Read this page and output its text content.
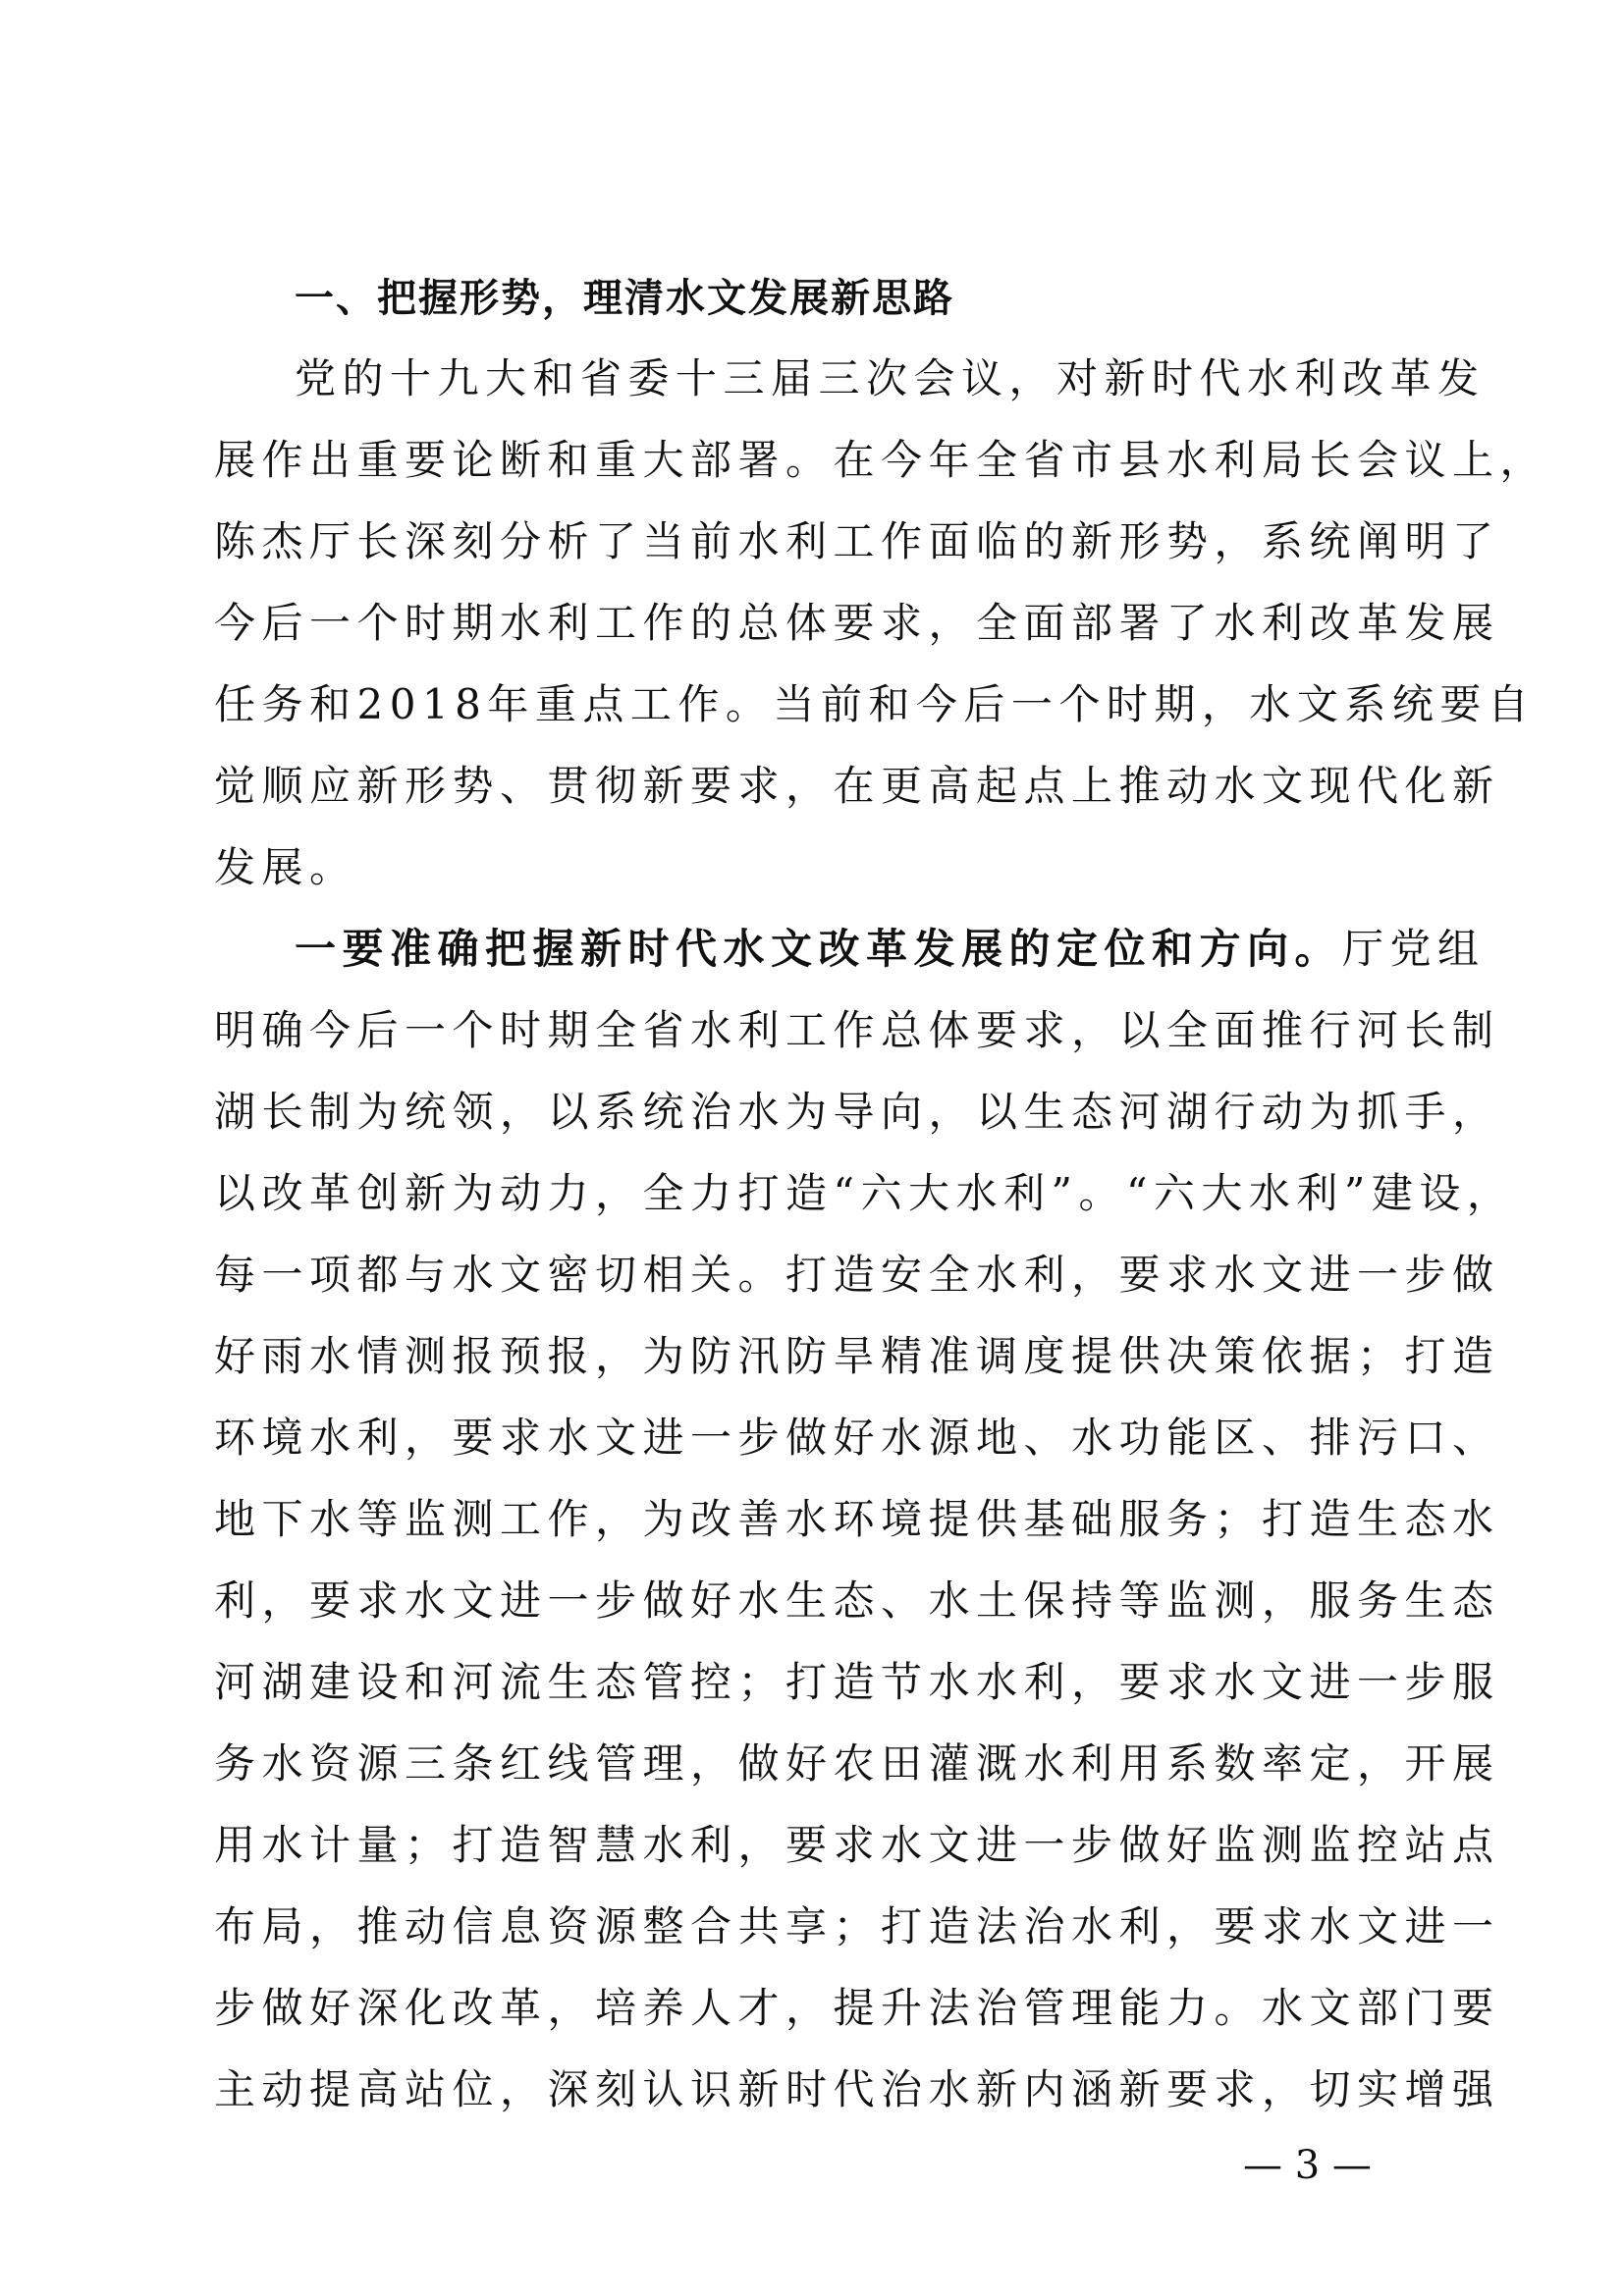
一、把握形势，理清水文发展新思路
党的十九大和省委十三届三次会议，对新时代水利改革发
展作出重要论断和重大部署。在今年全省市县水利局长会议上，
陈杰厅长深刻分析了当前水利工作面临的新形势，系统阐明了
今后一个时期水利工作的总体要求，全面部署了水利改革发展
任务和2018年重点工作。当前和今后一个时期，水文系统要自
觉顺应新形势、贯彻新要求，在更高起点上推动水文现代化新
发展。
一要准确把握新时代水文改革发展的定位和方向。厅党组
明确今后一个时期全省水利工作总体要求，以全面推行河长制
湖长制为统领，以系统治水为导向，以生态河湖行动为抓手，
以改革创新为动力，全力打造“六大水利”。“六大水利”建设，
每一项都与水文密切相关。打造安全水利，要求水文进一步做
好雨水情测报预报，为防汛防旱精准调度提供决策依据；打造
环境水利，要求水文进一步做好水源地、水功能区、排污口、
地下水等监测工作，为改善水环境提供基础服务；打造生态水
利，要求水文进一步做好水生态、水土保持等监测，服务生态
河湖建设和河流生态管控；打造节水水利，要求水文进一步服
务水资源三条红线管理，做好农田灌溉水利用系数率定，开展
用水计量；打造智慧水利，要求水文进一步做好监测监控站点
布局，推动信息资源整合共享；打造法治水利，要求水文进一
步做好深化改革，培养人才，提升法治管理能力。水文部门要
主动提高站位，深刻认识新时代治水新内涵新要求，切实增强
— 3 —
